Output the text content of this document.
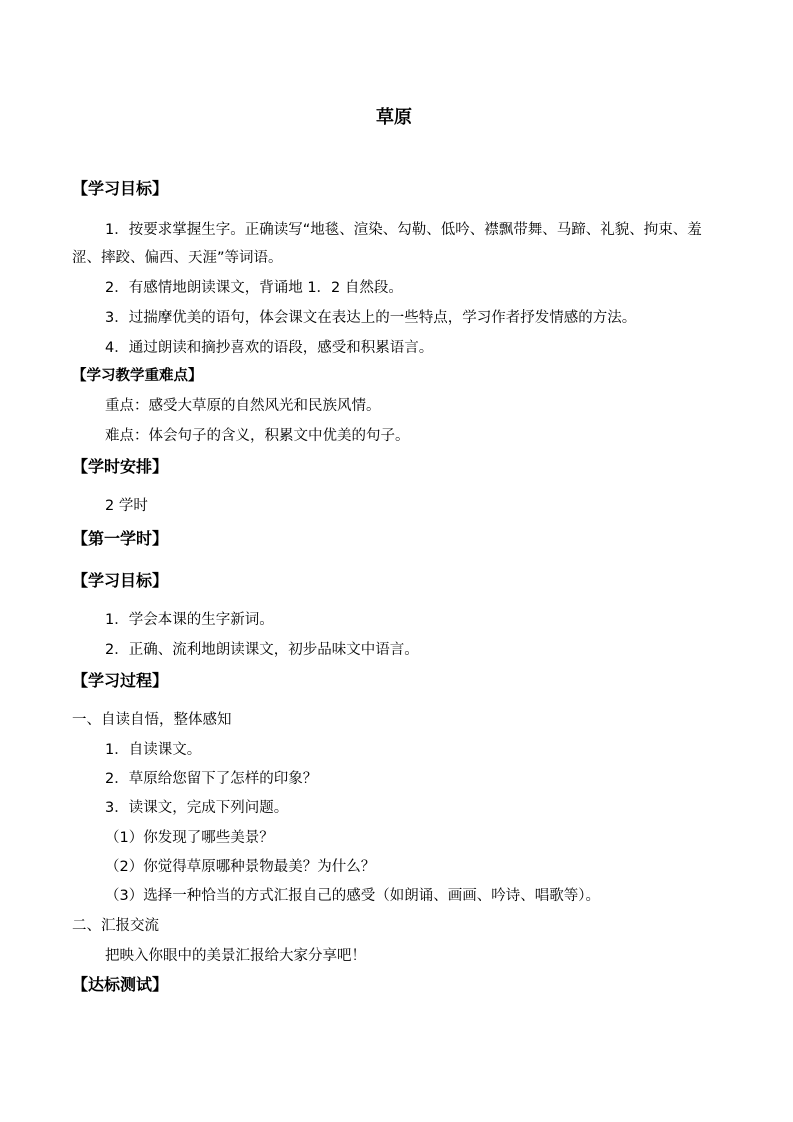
草原
【学习目标】
1．按要求掌握生字。正确读写“地毯、渲染、勾勒、低吟、襟飘带舞、马蹄、礼貌、拘束、羞涩、摔跤、偏西、天涯”等词语。
2．有感情地朗读课文，背诵地 1．2 自然段。
3．过揣摩优美的语句，体会课文在表达上的一些特点，学习作者抒发情感的方法。
4．通过朗读和摘抄喜欢的语段，感受和积累语言。
【学习教学重难点】
重点：感受大草原的自然风光和民族风情。
难点：体会句子的含义，积累文中优美的句子。
【学时安排】
2 学时
【第一学时】
【学习目标】
1．学会本课的生字新词。
2．正确、流利地朗读课文，初步品味文中语言。
【学习过程】
一、自读自悟，整体感知
1．自读课文。
2．草原给您留下了怎样的印象？
3．读课文，完成下列问题。
（1）你发现了哪些美景？
（2）你觉得草原哪种景物最美？为什么？
（3）选择一种恰当的方式汇报自己的感受（如朗诵、画画、吟诗、唱歌等）。
二、汇报交流
把映入你眼中的美景汇报给大家分享吧！
【达标测试】
